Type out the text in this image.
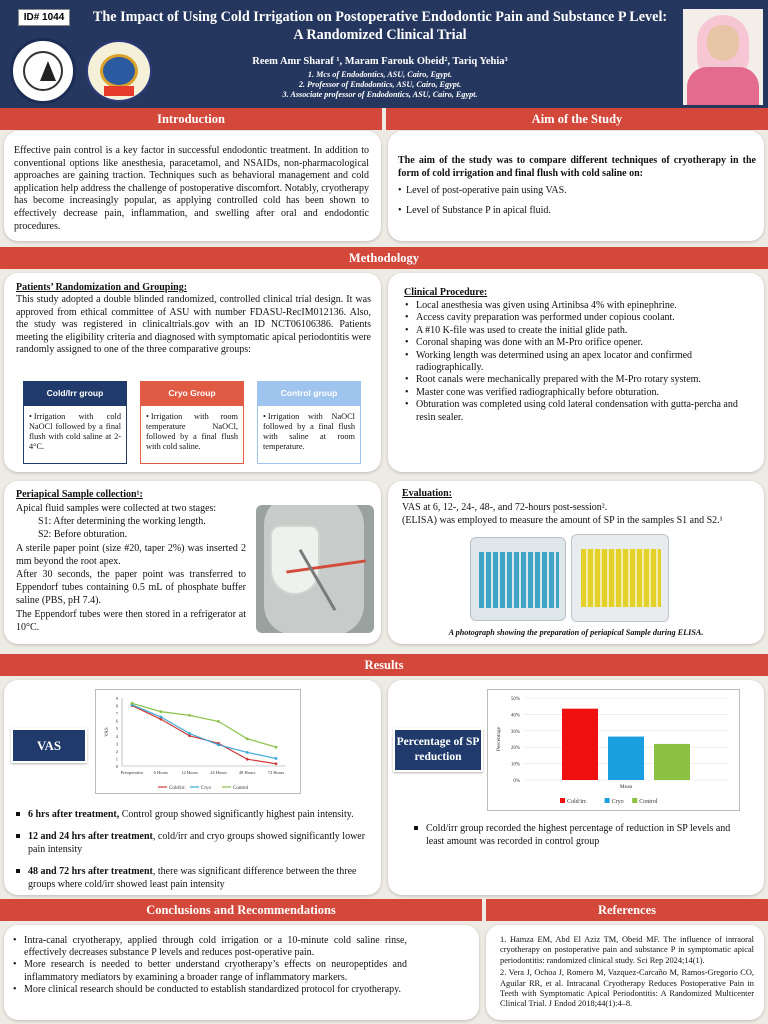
ID# 1044	The Impact of Using Cold Irrigation on Postoperative Endodontic Pain and Substance P Level: A Randomized Clinical Trial
Reem Amr Sharaf ¹, Maram Farouk Obeid², Tariq Yehia³
1. Mcs of Endodontics, ASU, Cairo, Egypt.
2. Professor of Endodontics, ASU, Cairo, Egypt.
3. Associate professor of Endodontics, ASU, Cairo, Egypt.
Introduction	Aim of the Study
Effective pain control is a key factor in successful endodontic treatment. In addition to conventional options like anesthesia, paracetamol, and NSAIDs, non-pharmacological approaches are gaining traction. Techniques such as behavioral management and cold application help address the challenge of postoperative discomfort. Notably, cryotherapy has become increasingly popular, as applying controlled cold has been shown to effectively decrease pain, inflammation, and swelling after oral and endodontic procedures.
The aim of the study was to compare different techniques of cryotherapy in the form of cold irrigation and final flush with cold saline on:
• Level of post-operative pain using VAS.
• Level of Substance P in apical fluid.
Methodology
Patients’ Randomization and Grouping:
This study adopted a double blinded randomized, controlled clinical trial design. It was approved from ethical committee of ASU with number FDASU-RecIM012136. Also, the study was registered in clinicaltrials.gov with an ID NCT06106386. Patients meeting the eligibility criteria and diagnosed with symptomatic apical periodontitis were randomly assigned to one of the three comparative groups:
Cold/Irr group
• Irrigation with cold NaOCl followed by a final flush with cold saline at 2-4°C.
Cryo Group
• Irrigation with room temperature NaOCl, followed by a final flush with cold saline.
Control group
• Irrigation with NaOCl followed by a final flush with saline at room temperature.
Clinical Procedure:
• Local anesthesia was given using Artinibsa 4% with epinephrine.
• Access cavity preparation was performed under copious coolant.
• A #10 K-file was used to create the initial glide path.
• Coronal shaping was done with an M-Pro orifice opener.
• Working length was determined using an apex locator and confirmed radiographically.
• Root canals were mechanically prepared with the M-Pro rotary system.
• Master cone was verified radiographically before obturation.
• Obturation was completed using cold lateral condensation with gutta-percha and resin sealer.
Periapical Sample collection¹:
Apical fluid samples were collected at two stages:
S1: After determining the working length.
S2: Before obturation.
A sterile paper point (size #20, taper 2%) was inserted 2 mm beyond the root apex.
After 30 seconds, the paper point was transferred to Eppendorf tubes containing 0.5 mL of phosphate buffer saline (PBS, pH 7.4).
The Eppendorf tubes were then stored in a refrigerator at 10°C.
Evaluation:
VAS at 6, 12-, 24-, 48-, and 72-hours post-session².
(ELISA) was employed to measure the amount of SP in the samples S1 and S2.¹
A photograph showing the preparation of periapical Sample during ELISA.
Results
VAS
0
1
2
3
4
5
6
7
8
9
Preoperative 6 Hours	12 Hours	24 Hours	48 Hours	72 Hours
VAS
Cold/irr.	Cryo	Control
6 hrs after treatment, Control group showed significantly highest pain intensity.
12 and 24 hrs after treatment, cold/irr and cryo groups showed significantly lower pain intensity
48 and 72 hrs after treatment, there was significant difference between the three groups where cold/irr showed least pain intensity
Percentage of SP reduction
0%
10%
20%
30%
40%
50%
Percentage
Mean
Cold/irr.	Cryo	Control
Cold/irr group recorded the highest percentage of reduction in SP levels and least amount was recorded in control group
Conclusions and Recommendations	References
• Intra-canal cryotherapy, applied through cold irrigation or a 10-minute cold saline rinse, effectively decreases substance P levels and reduces post-operative pain.
• More research is needed to better understand cryotherapy’s effects on neuropeptides and inflammatory mediators by examining a broader range of inflammatory markers.
• More clinical research should be conducted to establish standardized protocol for cryotherapy.
1. Hamza EM, Abd El Aziz TM, Obeid MF. The influence of intraoral cryotherapy on postoperative pain and substance P in symptomatic apical periodontitis: randomized clinical study. Sci Rep 2024;14(1).
2. Vera J, Ochoa J, Romero M, Vazquez-Carcaño M, Ramos-Gregorio CO, Aguilar RR, et al. Intracanal Cryotherapy Reduces Postoperative Pain in Teeth with Symptomatic Apical Periodontitis: A Randomized Multicenter Clinical Trial. J Endod 2018;44(1):4–8.
